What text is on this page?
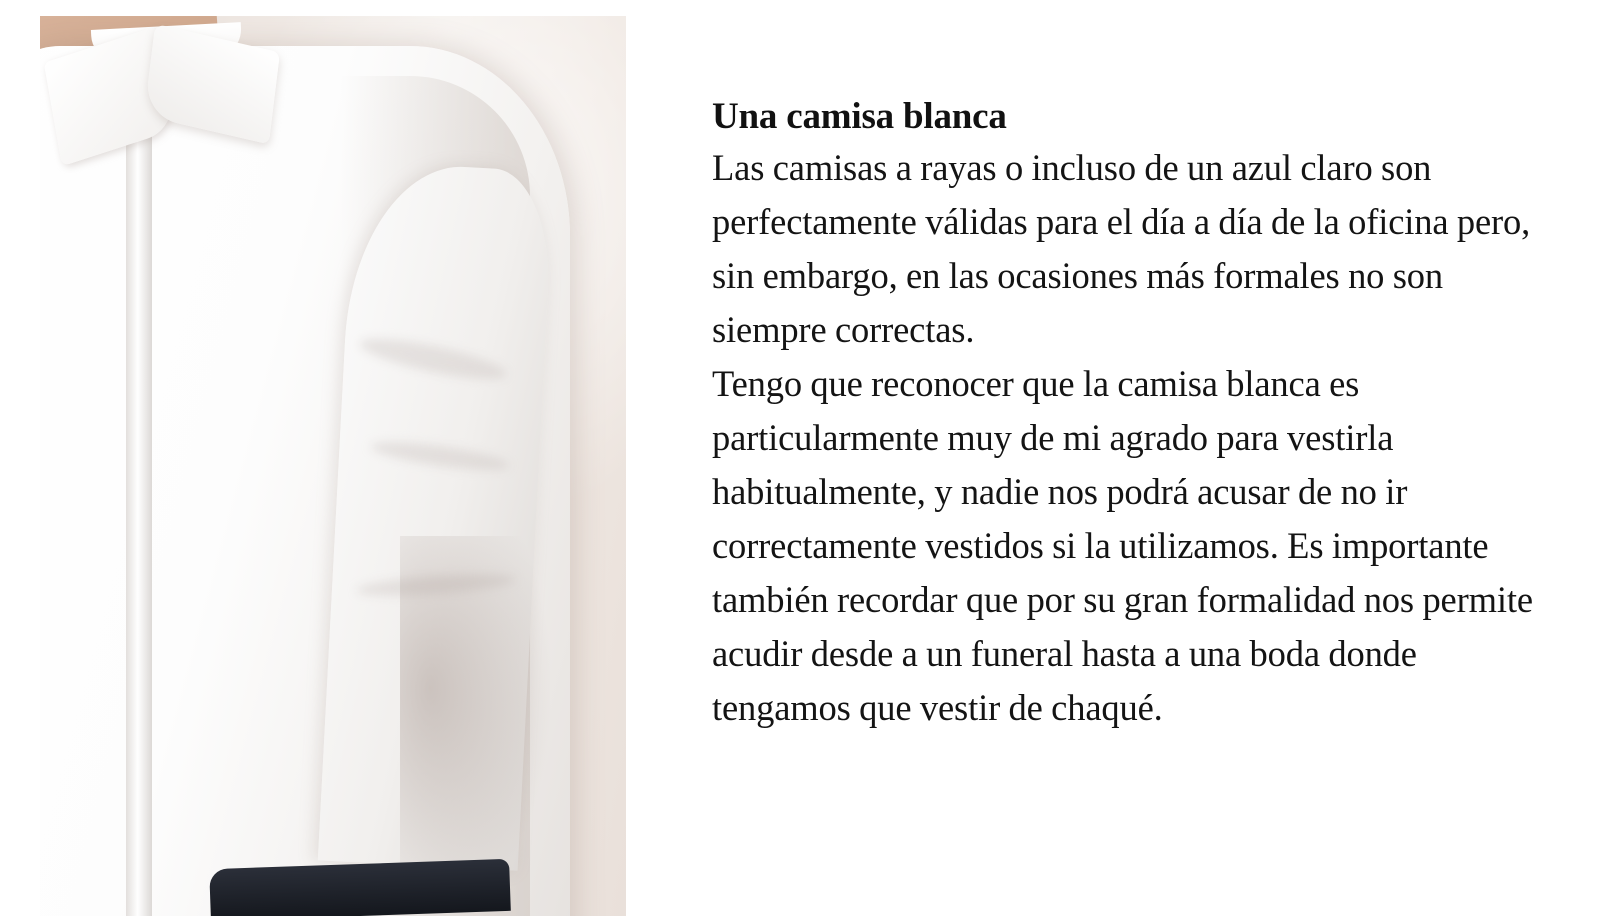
Una camisa blanca

Las camisas a rayas o incluso de un azul claro son perfectamente válidas para el día a día de la oficina pero, sin embargo, en las ocasiones más formales no son siempre correctas.

Tengo que reconocer que la camisa blanca es particularmente muy de mi agrado para vestirla habitualmente, y nadie nos podrá acusar de no ir correctamente vestidos si la utilizamos. Es importante también recordar que por su gran formalidad nos permite acudir desde a un funeral hasta a una boda donde tengamos que vestir de chaqué.
